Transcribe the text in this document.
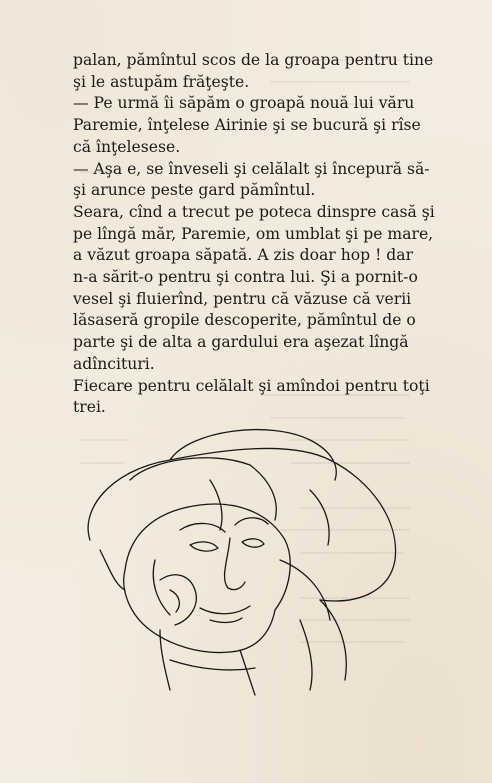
palan, pămîntul scos de la groapa pentru tine
şi le astupăm frăţeşte.
— Pe urmă îi săpăm o groapă nouă lui văru
Paremie, înţelese Airinie şi se bucură şi rîse
că înţelesese.
— Aşa e, se înveseli şi celălalt şi începură să-
şi arunce peste gard pămîntul.
Seara, cînd a trecut pe poteca dinspre casă şi
pe lîngă măr, Paremie, om umblat şi pe mare,
a văzut groapa săpată. A zis doar hop ! dar
n-a sărit-o pentru şi contra lui. Şi a pornit-o
vesel şi fluierînd, pentru că văzuse că verii
lăsaseră gropile descoperite, pămîntul de o
parte şi de alta a gardului era aşezat lîngă
adîncituri.
Fiecare pentru celălalt şi amîndoi pentru toţi
trei.
